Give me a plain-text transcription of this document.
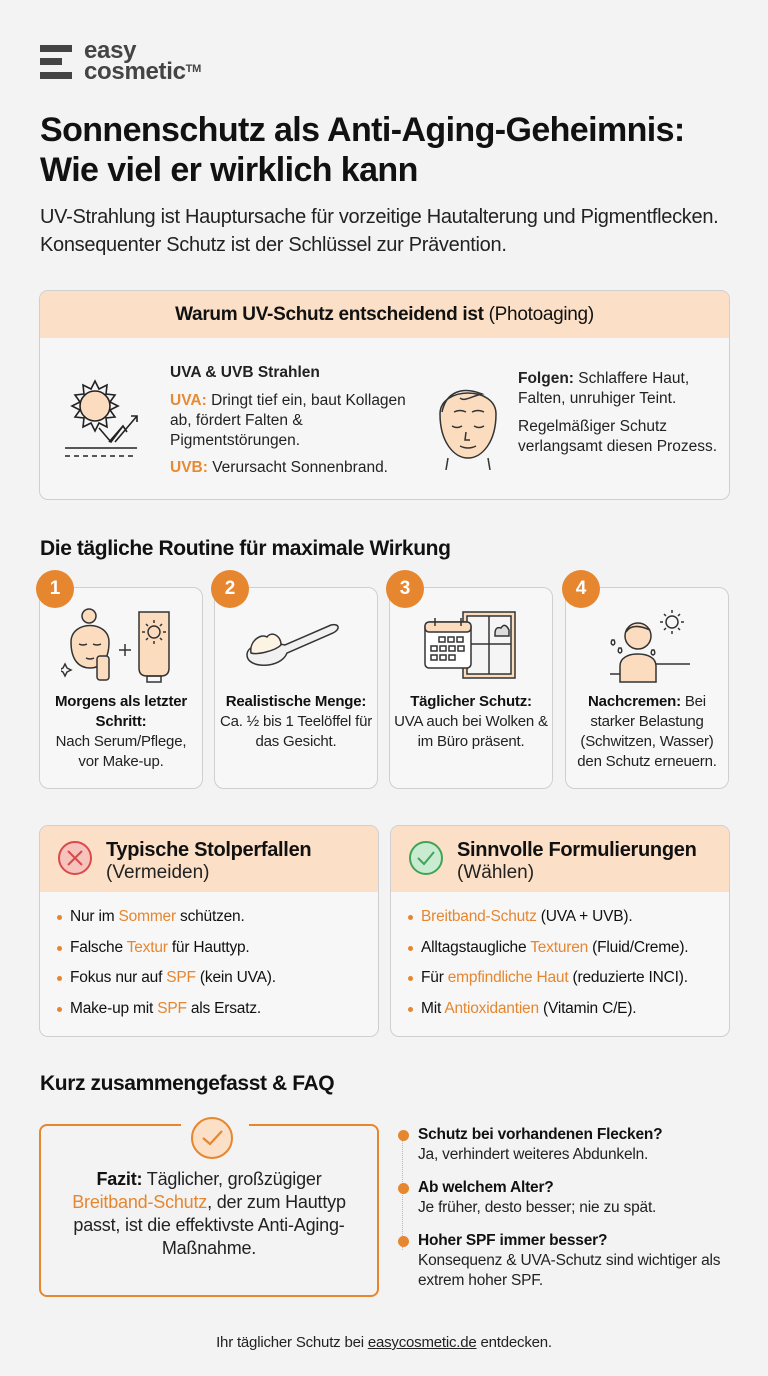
easy
cosmetic™
Sonnenschutz als Anti-Aging-Geheimnis:
Wie viel er wirklich kann

UV-Strahlung ist Hauptursache für vorzeitige Hautalterung und Pigmentflecken. Konsequenter Schutz ist der Schlüssel zur Prävention.

Warum UV-Schutz entscheidend ist (Photoaging)
UVA & UVB Strahlen

UVA: Dringt tief ein, baut Kollagen ab, fördert Falten & Pigmentstörungen.

UVB: Verursacht Sonnenbrand.

Folgen: Schlaffere Haut, Falten, unruhiger Teint.

Regelmäßiger Schutz verlangsamt diesen Prozess.

Die tägliche Routine für maximale Wirkung
1
Morgens als letzter Schritt:
Nach Serum/Pflege, vor Make-up.
2
Realistische Menge:
Ca. ½ bis 1 Teelöffel für das Gesicht.
3
Täglicher Schutz:
UVA auch bei Wolken & im Büro präsent.
4
Nachcremen: Bei starker Belastung (Schwitzen, Wasser) den Schutz erneuern.
Typische Stolperfallen
(Vermeiden)
Nur im Sommer schützen.
Falsche Textur für Hauttyp.
Fokus nur auf SPF (kein UVA).
Make-up mit SPF als Ersatz.
Sinnvolle Formulierungen
(Wählen)
Breitband-Schutz (UVA + UVB).
Alltagstaugliche Texturen (Fluid/Creme).
Für empfindliche Haut (reduzierte INCI).
Mit Antioxidantien (Vitamin C/E).
Kurz zusammengefasst & FAQ
Fazit: Täglicher, großzügiger
Breitband-Schutz, der zum Hauttyp passt, ist die effektivste Anti-Aging-Maßnahme.
Schutz bei vorhandenen Flecken?
Ja, verhindert weiteres Abdunkeln.
Ab welchem Alter?
Je früher, desto besser; nie zu spät.
Hoher SPF immer besser?
Konsequenz & UVA-Schutz sind wichtiger als extrem hoher SPF.
Ihr täglicher Schutz bei easycosmetic.de entdecken.
